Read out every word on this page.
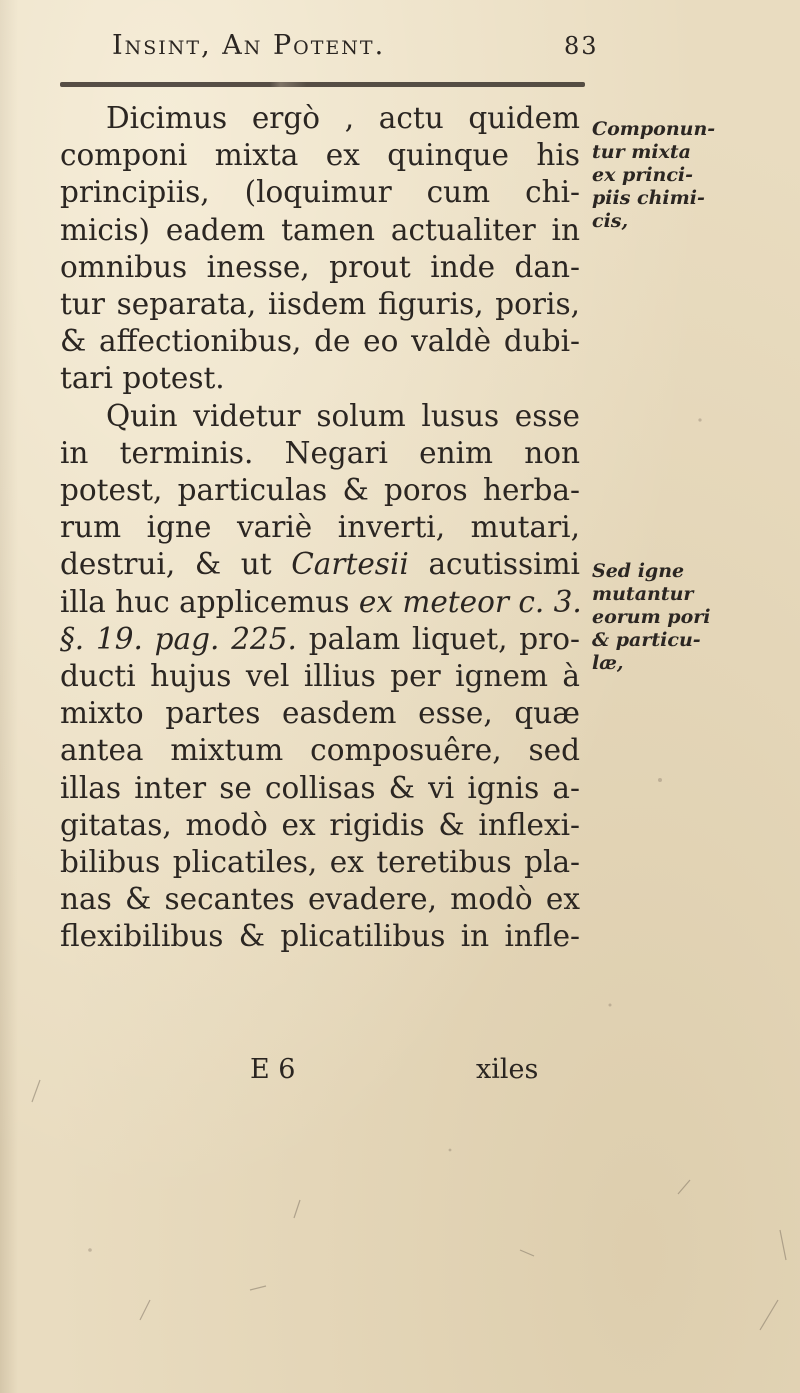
Insint, An Potent.	83
Dicimus ergò , actu quidem
componi mixta ex quinque his
principiis, (loquimur cum chi-
micis) eadem tamen actualiter in
omnibus inesse, prout inde dan-
tur separata, iisdem figuris, poris,
& affectionibus, de eo valdè dubi-
tari potest.
Quin videtur solum lusus esse
in terminis. Negari enim non
potest, particulas & poros herba-
rum igne variè inverti, mutari,
destrui, & ut Cartesii acutissimi
illa huc applicemus ex meteor c. 3.
§. 19. pag. 225. palam liquet, pro-
ducti hujus vel illius per ignem à
mixto partes easdem esse, quæ
antea mixtum composuêre, sed
illas inter se collisas & vi ignis a-
gitatas, modò ex rigidis & inflexi-
bilibus plicatiles, ex teretibus pla-
nas & secantes evadere, modò ex
flexibilibus & plicatilibus in infle-
Componun-
tur mixta
ex princi-
piis chimi-
cis,
Sed igne
mutantur
eorum pori
& particu-
læ,
E 6	xiles
